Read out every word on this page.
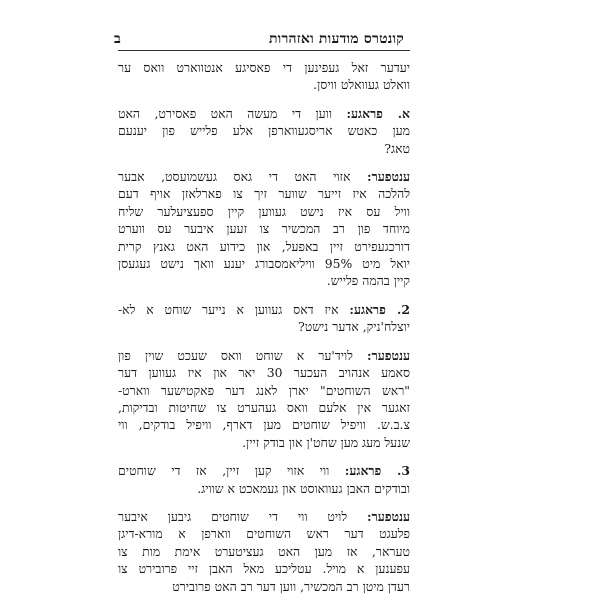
קונטרס מודעות ואזהרות
ב
יעדער זאל געפינען די פאסיגע אנטווארט וואס ער
וואלט געוואלט וויסן.
א. פראגע: ווען די מעשה האט פאסירט, האט
מען כאטש אריסגעווארפן אלע פלייש פון יענעם
טאג?
ענטפער: אזוי האט די גאס געשמועסט, אבער
להלכה איז זייער שווער זיך צו פארלאזן אויף דעם
וויל עס איז נישט געווען קיין ספעציעלער שליח
מיוחד פון רב המכשיר צו זעען איבער עס ווערט
דורכגעפירט זיין באפעל, און כידוע האט גאנץ קרית
יואל מיט 95% וויליאמסבורג יענע וואך נישט געגעסן
קיין בהמה פלייש.
2. פראגע: איז דאס געווען א נייער שוחט א לא-
יוצלח'ניק, אדער נישט?
ענטפער: לויד'ער א שוחט וואס שעכט שוין פון
סאמע אנהויב העכער 30 יאר און איז געווען דער
"ראש השוחטים" יארן לאנג דער פאקטישער ווארט-
זאגער אין אלעם וואס געהערט צו שחיטות ובדיקות,
צ.ב.ש. וויפיל שוחטים מען דארף, וויפיל בודקים, ווי
שנעל מעג מען שחט'ן און בודק זיין.
3. פראגע: ווי אזוי קען זיין, אז די שוחטים
ובודקים האבן געוואוסט און געמאכט א שוויג.
ענטפער: לויט ווי די שוחטים גיבען איבער
פלעגט דער ראש השוחטים ווארפן א מורא-דיגן
טעראר, אז מען האט געציטערט אימת מות צו
עפענען א מויל. עטליכע מאל האבן זיי פרובירט צו
רעדן מיטן רב המכשיר, ווען דער רב האט פרובירט
